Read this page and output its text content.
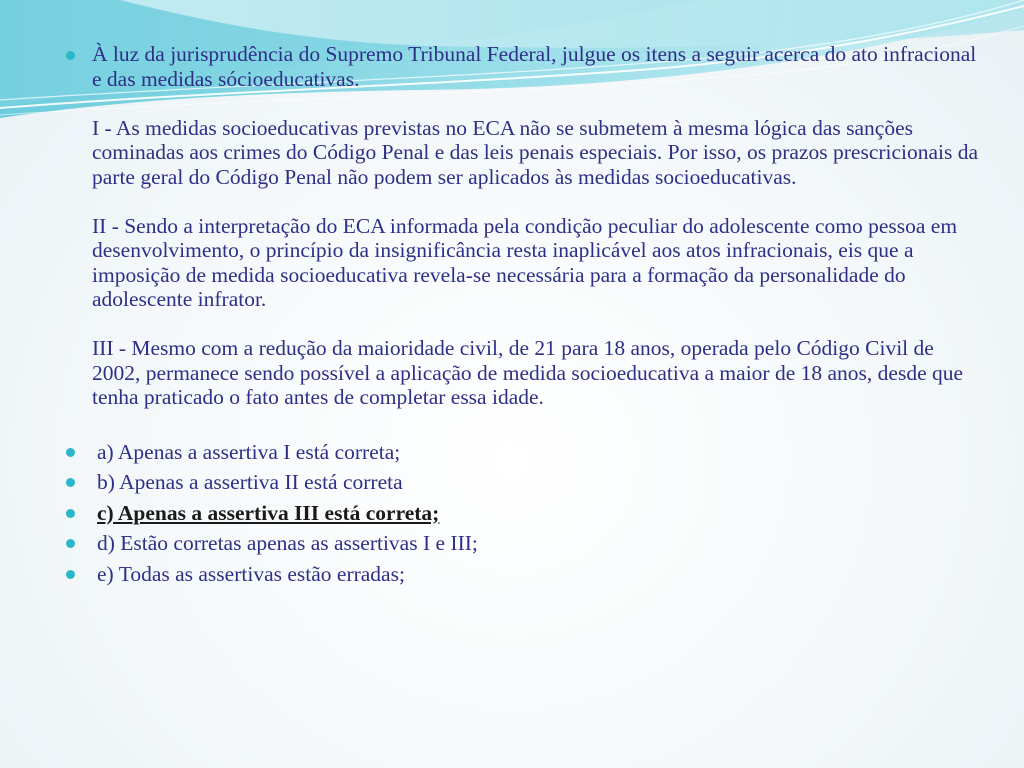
À luz da jurisprudência do Supremo Tribunal Federal, julgue os itens a seguir acerca do ato infracional e das medidas sócioeducativas.

I - As medidas socioeducativas previstas no ECA não se submetem à mesma lógica das sanções cominadas aos crimes do Código Penal e das leis penais especiais. Por isso, os prazos prescricionais da parte geral do Código Penal não podem ser aplicados às medidas socioeducativas.

II - Sendo a interpretação do ECA informada pela condição peculiar do adolescente como pessoa em desenvolvimento, o princípio da insignificância resta inaplicável aos atos infracionais, eis que a imposição de medida socioeducativa revela-se necessária para a formação da personalidade do adolescente infrator.

III - Mesmo com a redução da maioridade civil, de 21 para 18 anos, operada pelo Código Civil de 2002, permanece sendo possível a aplicação de medida socioeducativa a maior de 18 anos, desde que tenha praticado o fato antes de completar essa idade.

a) Apenas a assertiva I está correta;
b) Apenas a assertiva II está correta
c) Apenas a assertiva III está correta;
d) Estão corretas apenas as assertivas I e III;
e) Todas as assertivas estão erradas;
